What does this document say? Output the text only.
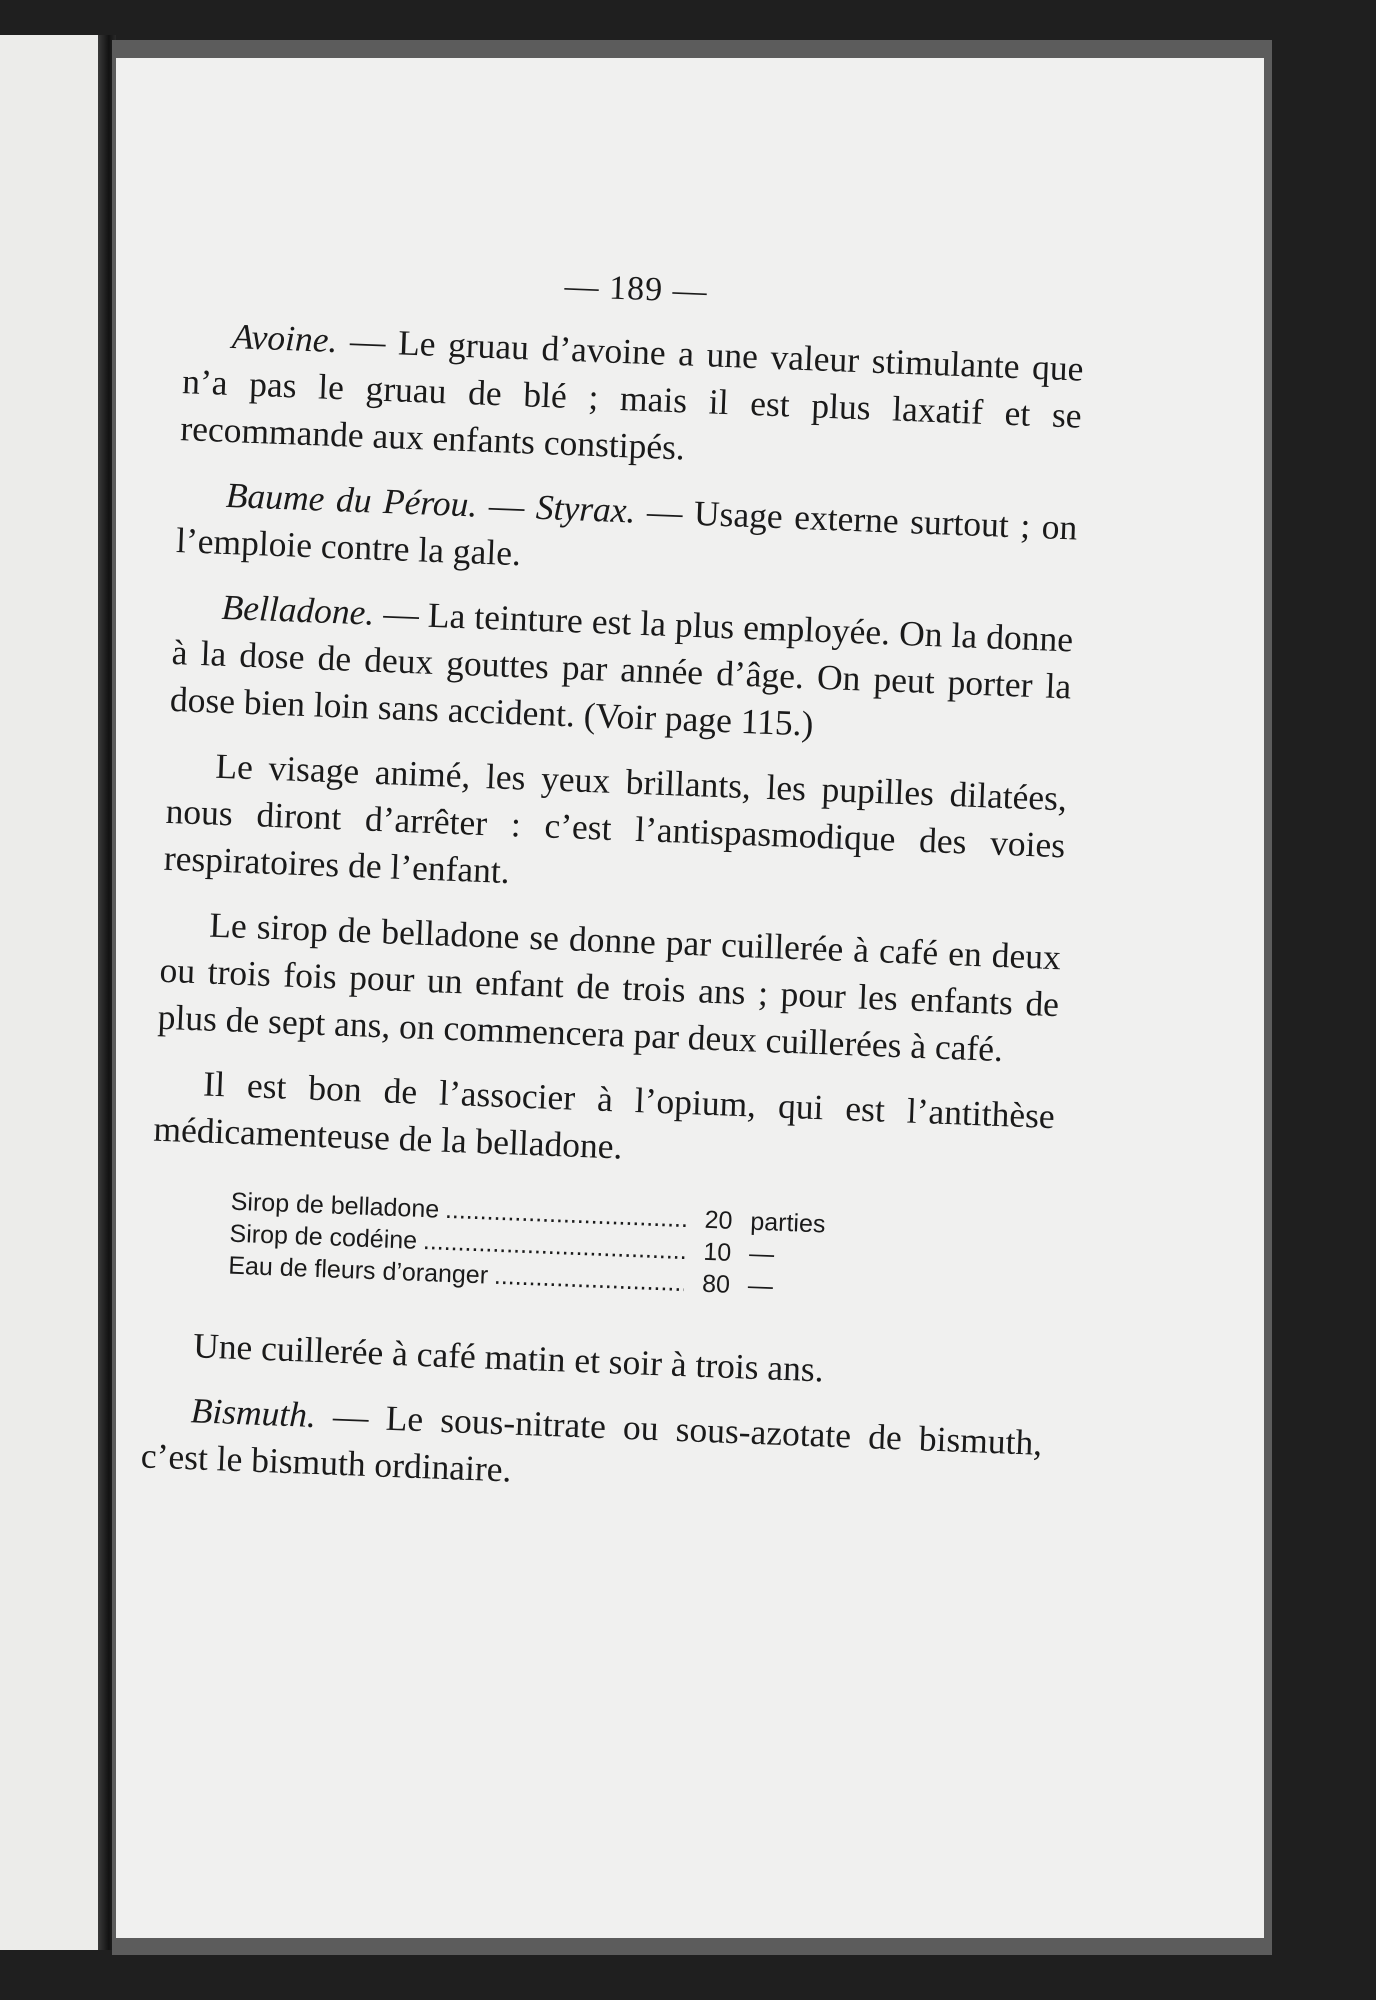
— 189 —

Avoine. — Le gruau d’avoine a une valeur stimulante que n’a pas le gruau de blé ; mais il est plus laxatif et se recommande aux enfants constipés.

Baume du Pérou. — Styrax. — Usage externe surtout ; on l’emploie contre la gale.

Belladone. — La teinture est la plus employée. On la donne à la dose de deux gouttes par année d’âge. On peut porter la dose bien loin sans accident. (Voir page 115.)

Le visage animé, les yeux brillants, les pupilles dilatées, nous diront d’arrêter : c’est l’antispasmodique des voies respiratoires de l’enfant.

Le sirop de belladone se donne par cuillerée à café en deux ou trois fois pour un enfant de trois ans ; pour les enfants de plus de sept ans, on commencera par deux cuillerées à café.

Il est bon de l’associer à l’opium, qui est l’antithèse médicamenteuse de la belladone.

Sirop de belladone .....	20 parties
Sirop de codéine .....	10 —
Eau de fleurs d’oranger .....	80 —

Une cuillerée à café matin et soir à trois ans.

Bismuth. — Le sous-nitrate ou sous-azotate de bismuth, c’est le bismuth ordinaire.
